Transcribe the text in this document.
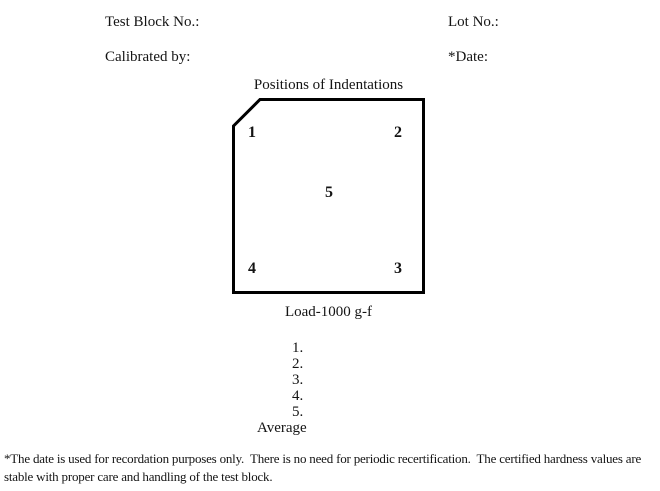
Test Block No.:	Lot No.:
Calibrated by:	*Date:
Positions of Indentations
1	2
3
4
5
Load-1000 g-f
1.
2.
3.
4.
5.
Average
*The date is used for recordation purposes only.  There is no need for periodic recertification.  The certified hardness values are stable with proper care and handling of the test block.
